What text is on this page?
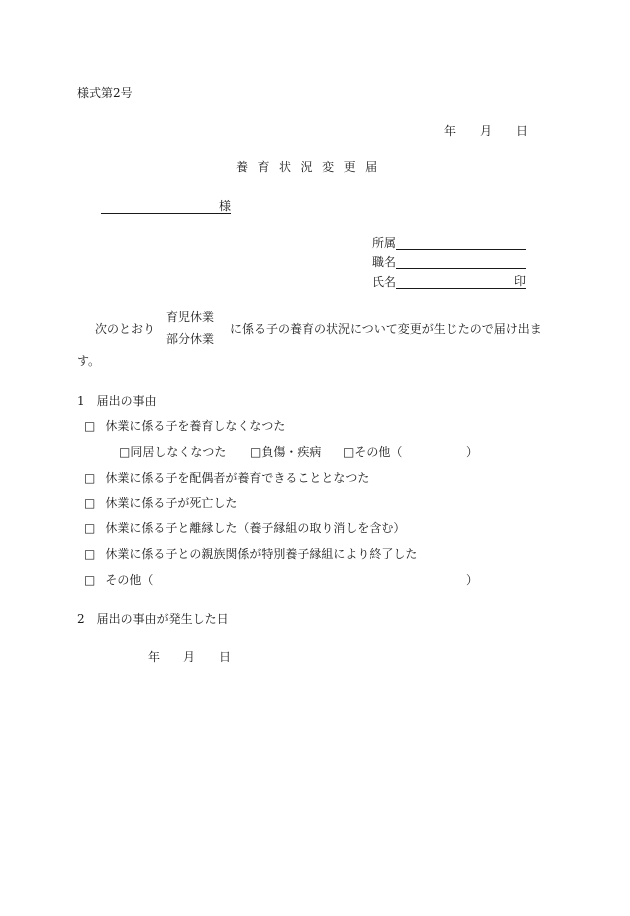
様式第2号
年 月 日
養 育 状 況 変 更 届
様
所属
職名
氏名	印
次のとおり
育児休業
部分休業
に係る子の養育の状況について変更が生じたので届け出ま
す。
1　届出の事由
□ 休業に係る子を養育しなくなつた
□同居しなくなつた □負傷・疾病 □その他（	）
□ 休業に係る子を配偶者が養育できることとなつた
□ 休業に係る子が死亡した
□ 休業に係る子と離縁した（養子縁組の取り消しを含む）
□ 休業に係る子との親族関係が特別養子縁組により終了した
□ その他（	）
2　届出の事由が発生した日
年 月 日
